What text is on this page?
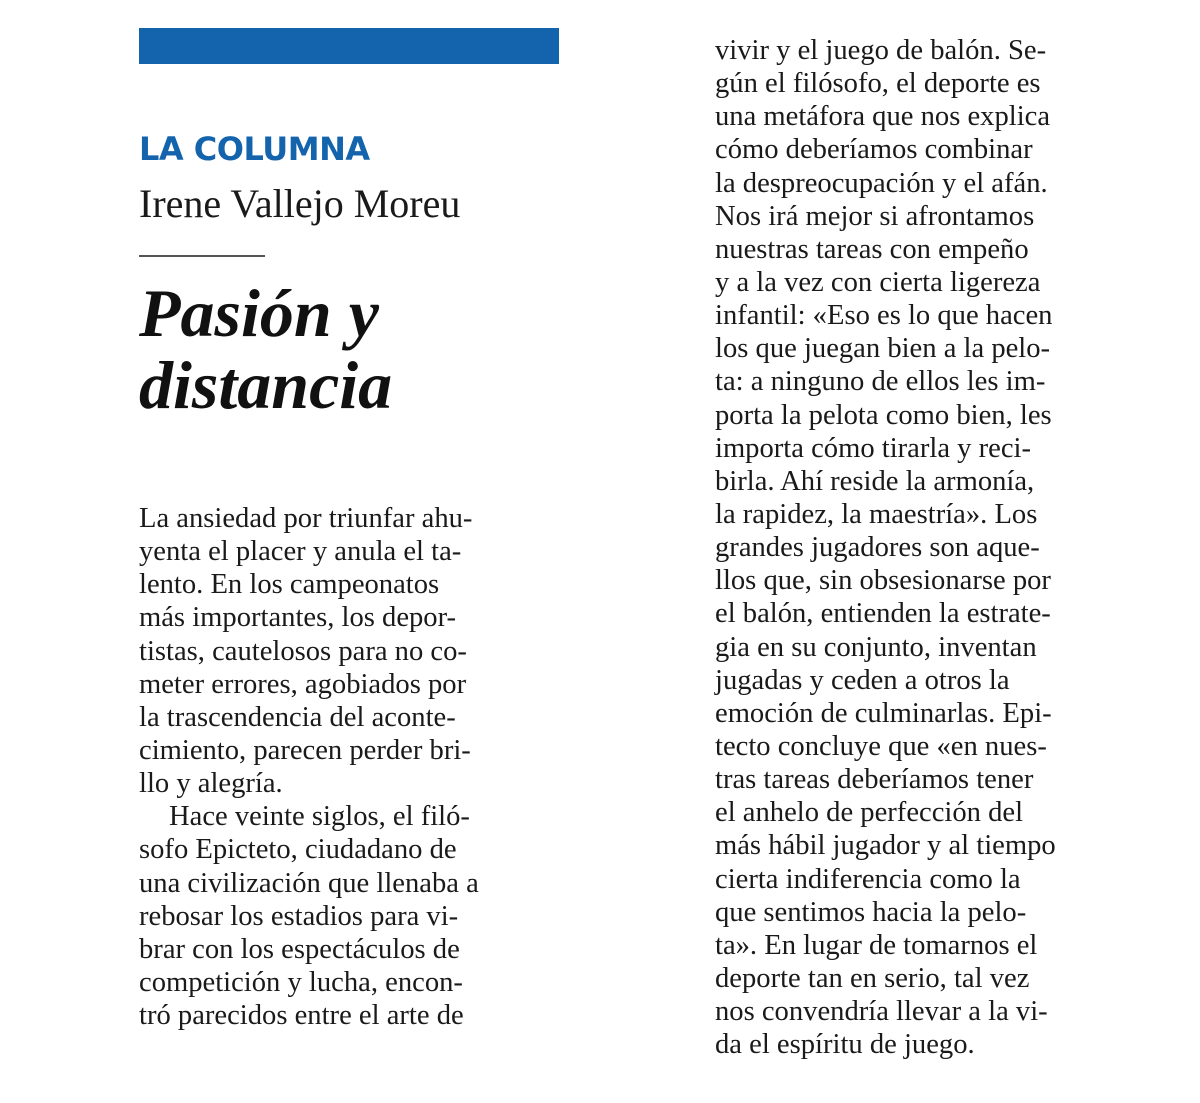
LA COLUMNA
Irene Vallejo Moreu
Pasión y
distancia
La ansiedad por triunfar ahu-
yenta el placer y anula el ta-
lento. En los campeonatos
más importantes, los depor-
tistas, cautelosos para no co-
meter errores, agobiados por
la trascendencia del aconte-
cimiento, parecen perder bri-
llo y alegría.
Hace veinte siglos, el filó-
sofo Epicteto, ciudadano de
una civilización que llenaba a
rebosar los estadios para vi-
brar con los espectáculos de
competición y lucha, encon-
tró parecidos entre el arte de
vivir y el juego de balón. Se-
gún el filósofo, el deporte es
una metáfora que nos explica
cómo deberíamos combinar
la despreocupación y el afán.
Nos irá mejor si afrontamos
nuestras tareas con empeño
y a la vez con cierta ligereza
infantil: «Eso es lo que hacen
los que juegan bien a la pelo-
ta: a ninguno de ellos les im-
porta la pelota como bien, les
importa cómo tirarla y reci-
birla. Ahí reside la armonía,
la rapidez, la maestría». Los
grandes jugadores son aque-
llos que, sin obsesionarse por
el balón, entienden la estrate-
gia en su conjunto, inventan
jugadas y ceden a otros la
emoción de culminarlas. Epi-
tecto concluye que «en nues-
tras tareas deberíamos tener
el anhelo de perfección del
más hábil jugador y al tiempo
cierta indiferencia como la
que sentimos hacia la pelo-
ta». En lugar de tomarnos el
deporte tan en serio, tal vez
nos convendría llevar a la vi-
da el espíritu de juego.
